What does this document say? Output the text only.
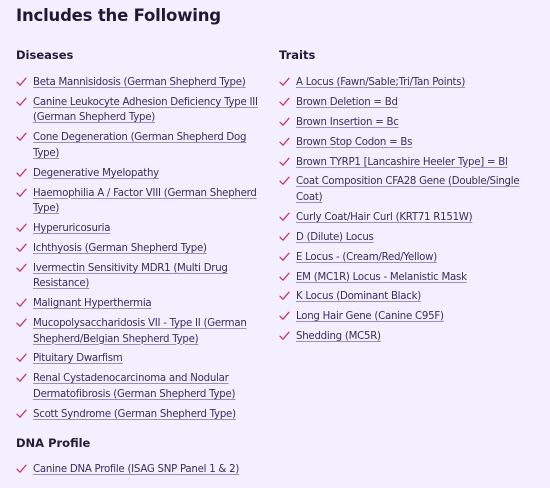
Includes the Following
Diseases
Beta Mannisidosis (German Shepherd Type)
Canine Leukocyte Adhesion Deficiency Type III
(German Shepherd Type)
Cone Degeneration (German Shepherd Dog Type)
Degenerative Myelopathy
Haemophilia A / Factor VIII (German Shepherd
Type)
Hyperuricosuria
Ichthyosis (German Shepherd Type)
Ivermectin Sensitivity MDR1 (Multi Drug Resistance)
Malignant Hyperthermia
Mucopolysaccharidosis VII - Type II (German
Shepherd/Belgian Shepherd Type)
Pituitary Dwarfism
Renal Cystadenocarcinoma and Nodular
Dermatofibrosis (German Shepherd Type)
Scott Syndrome (German Shepherd Type)
Traits
A Locus (Fawn/Sable;Tri/Tan Points)
Brown Deletion = Bd
Brown Insertion = Bc
Brown Stop Codon = Bs
Brown TYRP1 [Lancashire Heeler Type] = Bl
Coat Composition CFA28 Gene (Double/Single
Coat)
Curly Coat/Hair Curl (KRT71 R151W)
D (Dilute) Locus
E Locus - (Cream/Red/Yellow)
EM (MC1R) Locus - Melanistic Mask
K Locus (Dominant Black)
Long Hair Gene (Canine C95F)
Shedding (MC5R)
DNA Profile
Canine DNA Profile (ISAG SNP Panel 1 & 2)
